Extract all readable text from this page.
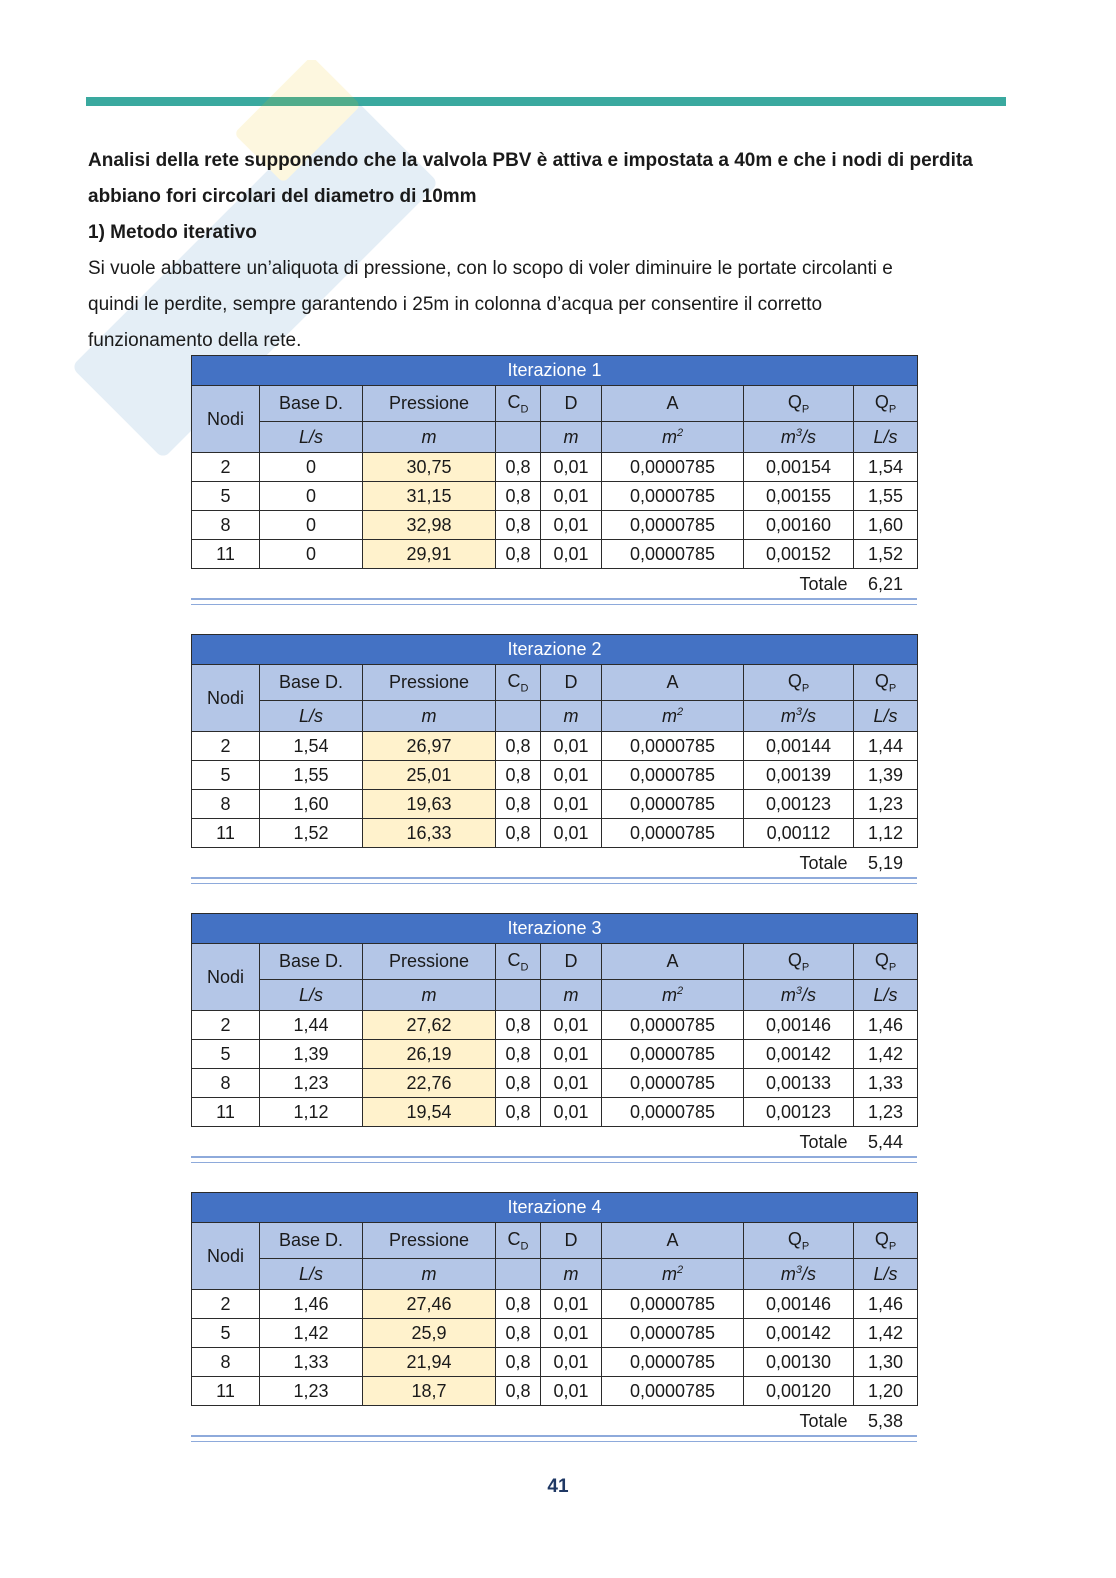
Analisi della rete supponendo che la valvola PBV è attiva e impostata a 40m e che i nodi di perdita

abbiano fori circolari del diametro di 10mm

1) Metodo iterativo

Si vuole abbattere un’aliquota di pressione, con lo scopo di voler diminuire le portate circolanti e

quindi le perdite, sempre garantendo i 25m in colonna d’acqua per consentire il corretto

funzionamento della rete.

Iterazione 1							
Nodi	Base D.	Pressione	$C_D$	D	A	$Q_P$	$Q_P$
	L/s	m		m	$m^2$	$m^3/s$	L/s
2	0	30,75	0,8	0,01	0,0000785	0,00154	1,54
5	0	31,15	0,8	0,01	0,0000785	0,00155	1,55
8	0	32,98	0,8	0,01	0,0000785	0,00160	1,60
11	0	29,91	0,8	0,01	0,0000785	0,00152	1,52
Totale							6,21
Iterazione 2							
Nodi	Base D.	Pressione	$C_D$	D	A	$Q_P$	$Q_P$
	L/s	m		m	$m^2$	$m^3/s$	L/s
2	1,54	26,97	0,8	0,01	0,0000785	0,00144	1,44
5	1,55	25,01	0,8	0,01	0,0000785	0,00139	1,39
8	1,60	19,63	0,8	0,01	0,0000785	0,00123	1,23
11	1,52	16,33	0,8	0,01	0,0000785	0,00112	1,12
Totale							5,19
Iterazione 3							
Nodi	Base D.	Pressione	$C_D$	D	A	$Q_P$	$Q_P$
	L/s	m		m	$m^2$	$m^3/s$	L/s
2	1,44	27,62	0,8	0,01	0,0000785	0,00146	1,46
5	1,39	26,19	0,8	0,01	0,0000785	0,00142	1,42
8	1,23	22,76	0,8	0,01	0,0000785	0,00133	1,33
11	1,12	19,54	0,8	0,01	0,0000785	0,00123	1,23
Totale							5,44
Iterazione 4							
Nodi	Base D.	Pressione	$C_D$	D	A	$Q_P$	$Q_P$
	L/s	m		m	$m^2$	$m^3/s$	L/s
2	1,46	27,46	0,8	0,01	0,0000785	0,00146	1,46
5	1,42	25,9	0,8	0,01	0,0000785	0,00142	1,42
8	1,33	21,94	0,8	0,01	0,0000785	0,00130	1,30
11	1,23	18,7	0,8	0,01	0,0000785	0,00120	1,20
Totale							5,38
41
